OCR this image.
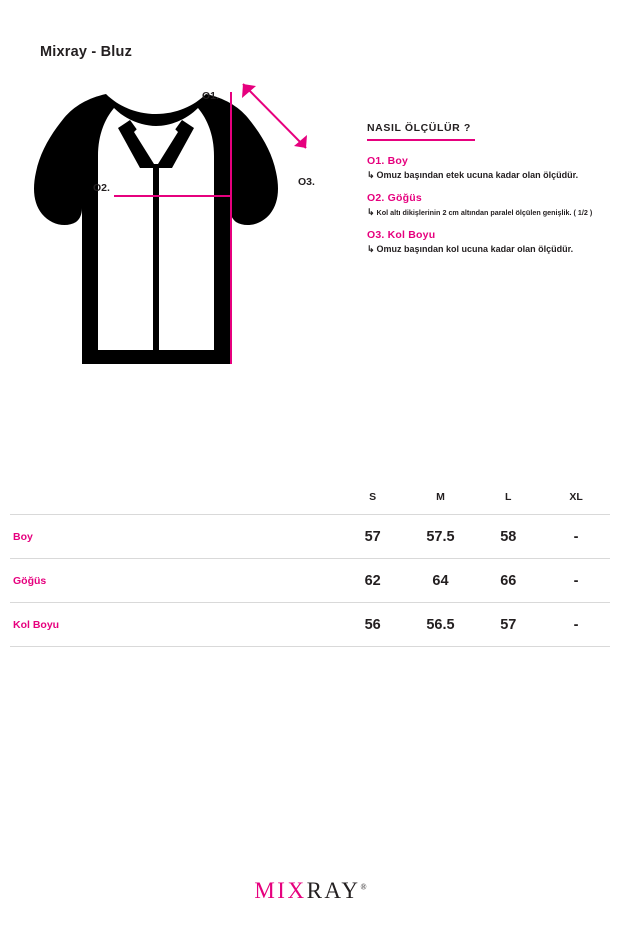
Mixray - Bluz
O1.
O2.	O3.
NASIL ÖLÇÜLÜR ?
O1. Boy
↳ Omuz başından etek ucuna kadar olan ölçüdür.
O2. Göğüs
↳ Kol altı dikişlerinin 2 cm altından paralel ölçülen genişlik. ( 1/2 )
O3. Kol Boyu
↳ Omuz başından kol ucuna kadar olan ölçüdür.
	S	M	L	XL
Boy	57	57.5	58	-
Göğüs	62	64	66	-
Kol Boyu	56	56.5	57	-
MIXRAY®
